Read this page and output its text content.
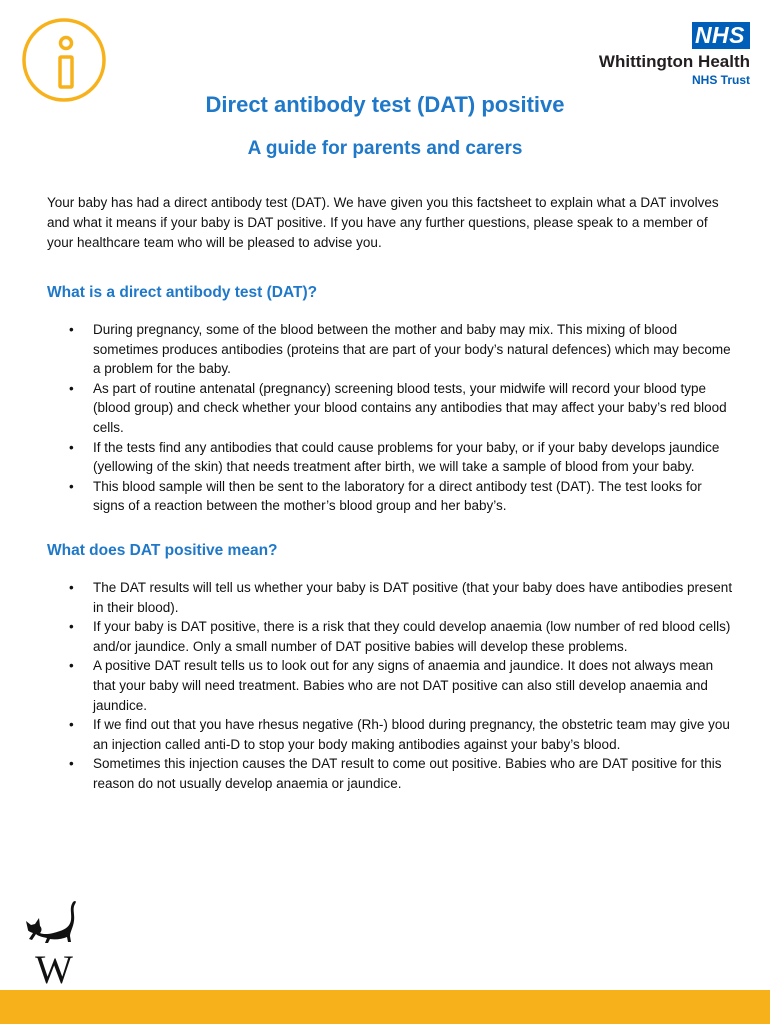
NHS
Whittington Health
NHS Trust
Direct antibody test (DAT) positive
A guide for parents and carers

Your baby has had a direct antibody test (DAT). We have given you this factsheet to explain what a DAT involves and what it means if your baby is DAT positive. If you have any further questions, please speak to a member of your healthcare team who will be pleased to advise you.

What is a direct antibody test (DAT)?
• During pregnancy, some of the blood between the mother and baby may mix. This mixing of blood sometimes produces antibodies (proteins that are part of your body’s natural defences) which may become a problem for the baby.
• As part of routine antenatal (pregnancy) screening blood tests, your midwife will record your blood type (blood group) and check whether your blood contains any antibodies that may affect your baby’s red blood cells.
• If the tests find any antibodies that could cause problems for your baby, or if your baby develops jaundice (yellowing of the skin) that needs treatment after birth, we will take a sample of blood from your baby.
• This blood sample will then be sent to the laboratory for a direct antibody test (DAT). The test looks for signs of a reaction between the mother’s blood group and her baby’s.
What does DAT positive mean?
• The DAT results will tell us whether your baby is DAT positive (that your baby does have antibodies present in their blood).
• If your baby is DAT positive, there is a risk that they could develop anaemia (low number of red blood cells) and/or jaundice. Only a small number of DAT positive babies will develop these problems.
• A positive DAT result tells us to look out for any signs of anaemia and jaundice. It does not always mean that your baby will need treatment. Babies who are not DAT positive can also still develop anaemia and jaundice.
• If we find out that you have rhesus negative (Rh-) blood during pregnancy, the obstetric team may give you an injection called anti-D to stop your body making antibodies against your baby’s blood.
• Sometimes this injection causes the DAT result to come out positive. Babies who are DAT positive for this reason do not usually develop anaemia or jaundice.
W
